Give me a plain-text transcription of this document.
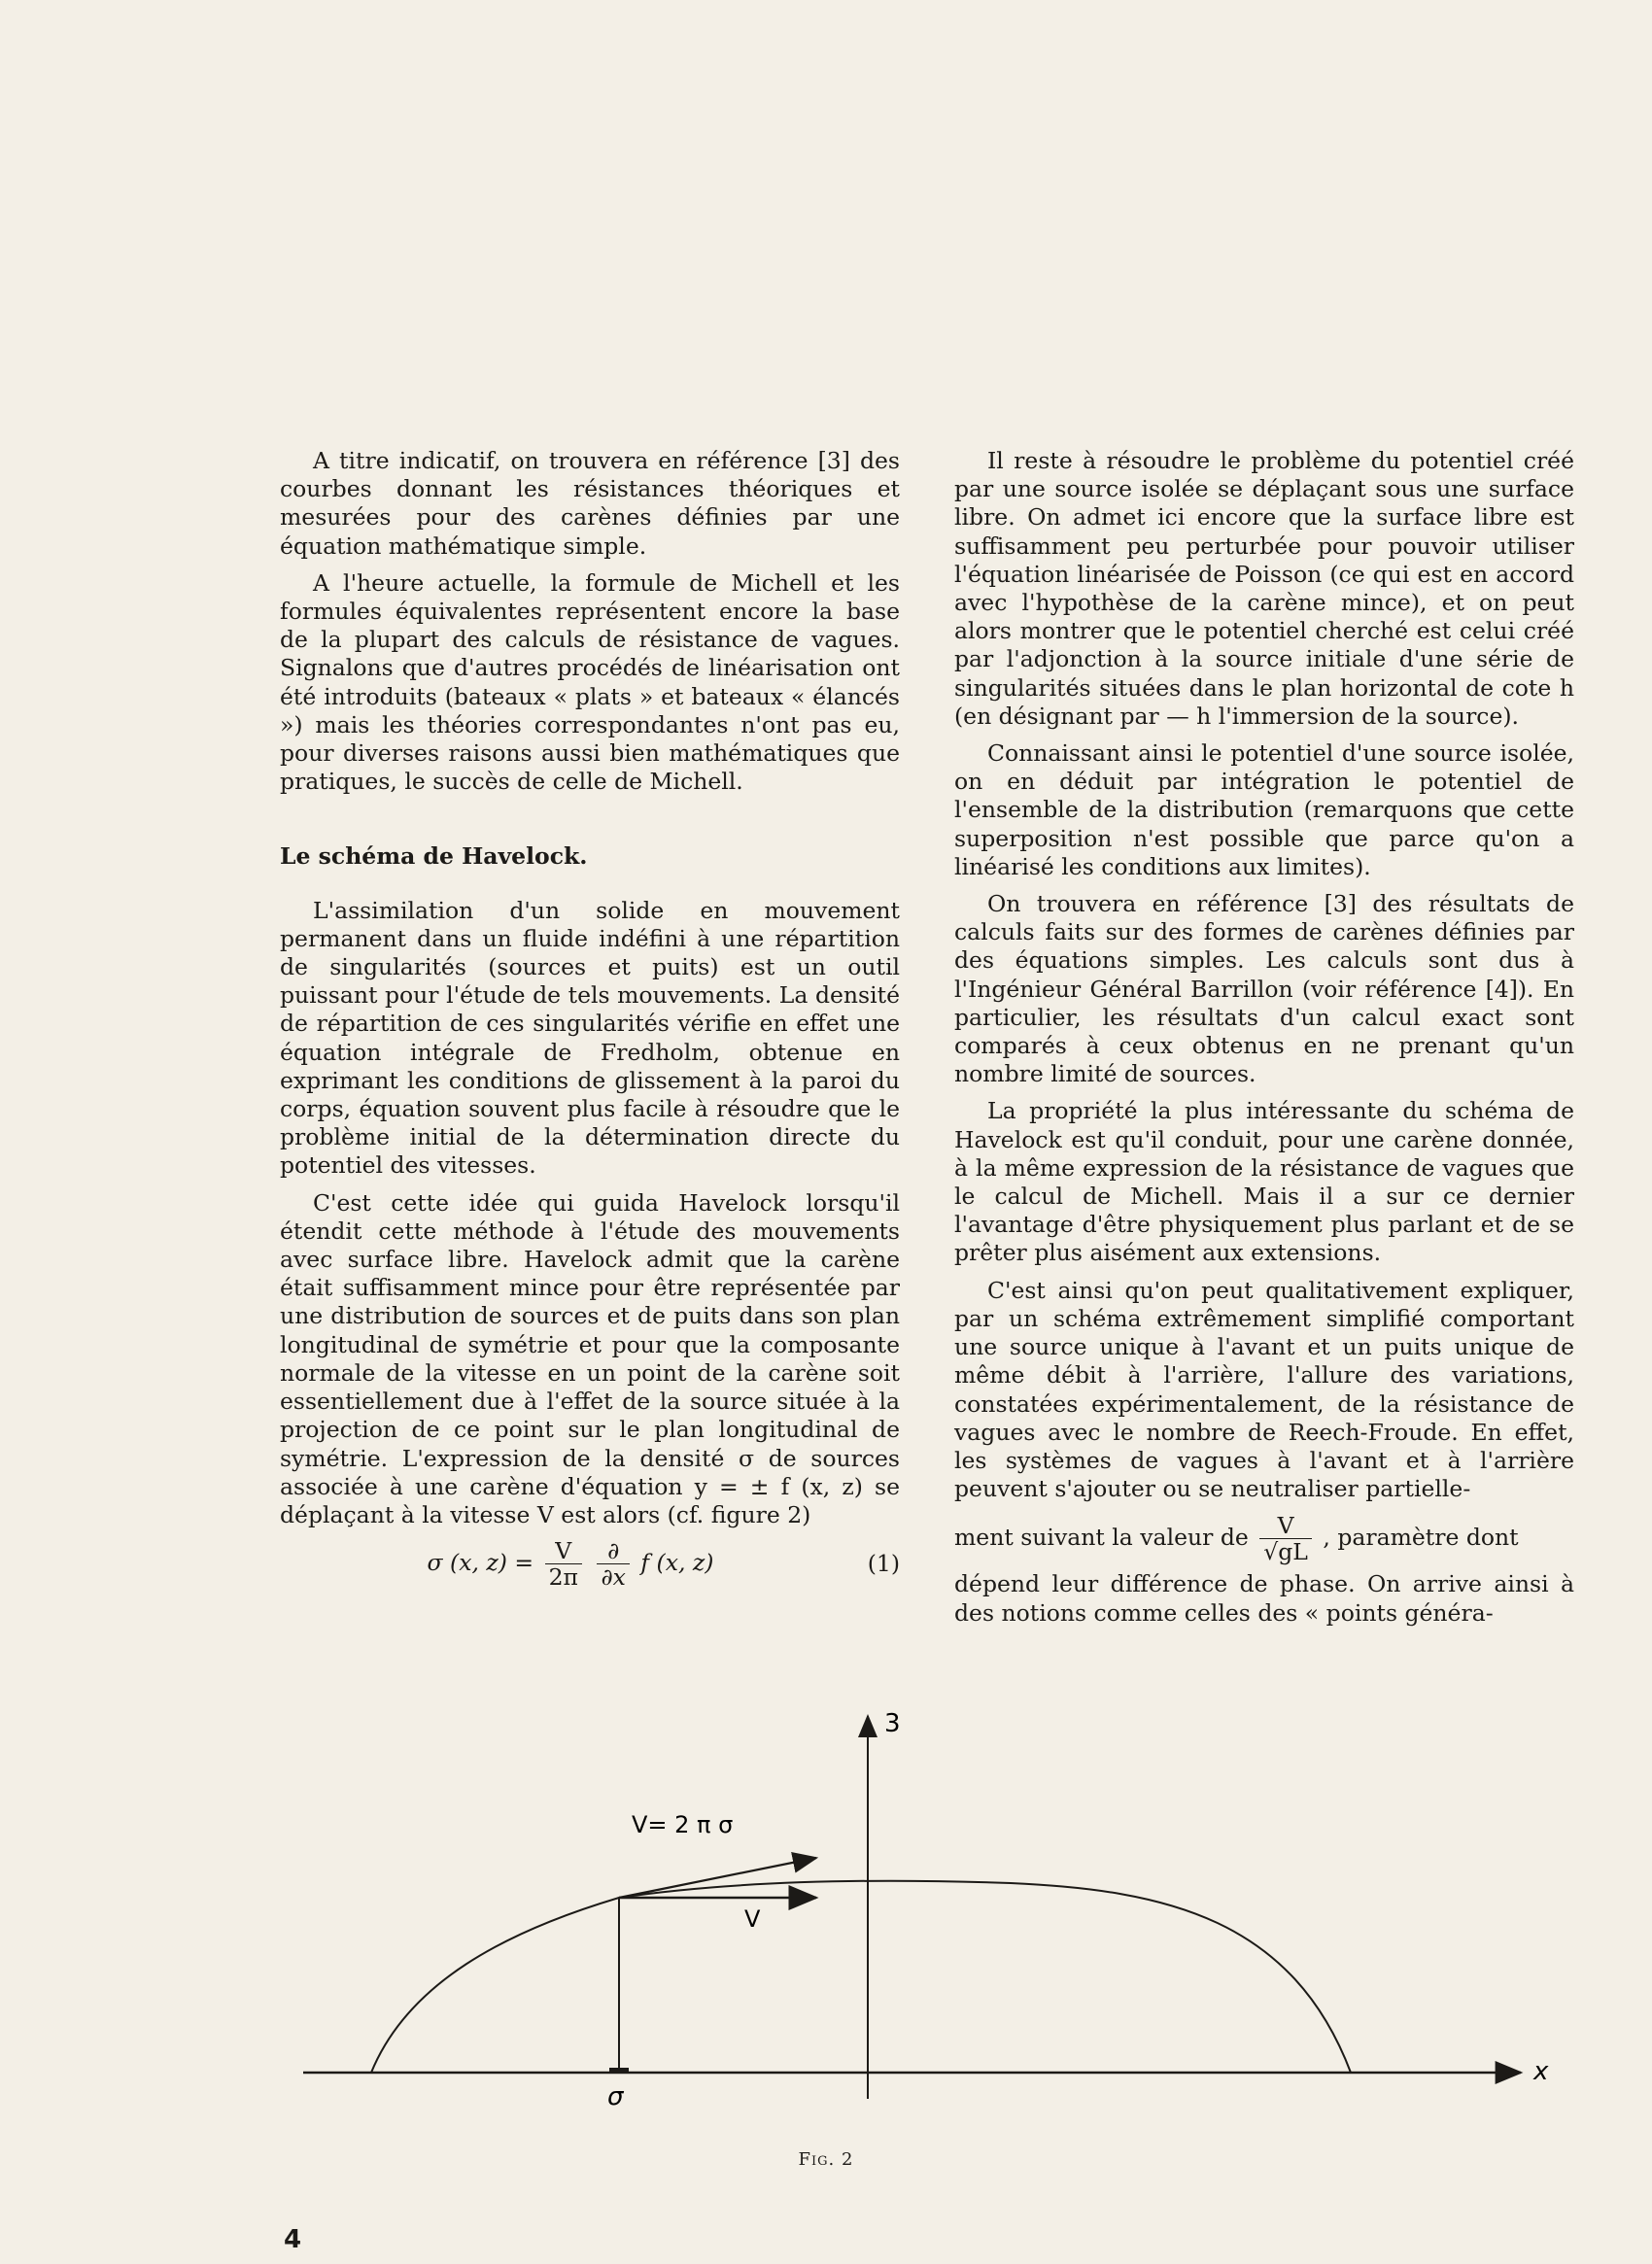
A titre indicatif, on trouvera en référence [3] des courbes donnant les résistances théoriques et mesurées pour des carènes définies par une équation mathématique simple.

A l'heure actuelle, la formule de Michell et les formules équivalentes représentent encore la base de la plupart des calculs de résistance de vagues. Signalons que d'autres procédés de linéarisation ont été introduits (bateaux « plats » et bateaux « élancés ») mais les théories correspondantes n'ont pas eu, pour diverses raisons aussi bien mathématiques que pratiques, le succès de celle de Michell.

Le schéma de Havelock.

L'assimilation d'un solide en mouvement permanent dans un fluide indéfini à une répartition de singularités (sources et puits) est un outil puissant pour l'étude de tels mouvements. La densité de répartition de ces singularités vérifie en effet une équation intégrale de Fredholm, obtenue en exprimant les conditions de glissement à la paroi du corps, équation souvent plus facile à résoudre que le problème initial de la détermination directe du potentiel des vitesses.

C'est cette idée qui guida Havelock lorsqu'il étendit cette méthode à l'étude des mouvements avec surface libre. Havelock admit que la carène était suffisamment mince pour être représentée par une distribution de sources et de puits dans son plan longitudinal de symétrie et pour que la composante normale de la vitesse en un point de la carène soit essentiellement due à l'effet de la source située à la projection de ce point sur le plan longitudinal de symétrie. L'expression de la densité σ de sources associée à une carène d'équation y = ± f (x, z) se déplaçant à la vitesse V est alors (cf. figure 2)

σ (x, $z) = \frac{V}{2\pi}$
$\frac{\partial}{\partial x}$ f (x, z)	(1)

Il reste à résoudre le problème du potentiel créé par une source isolée se déplaçant sous une surface libre. On admet ici encore que la surface libre est suffisamment peu perturbée pour pouvoir utiliser l'équation linéarisée de Poisson (ce qui est en accord avec l'hypothèse de la carène mince), et on peut alors montrer que le potentiel cherché est celui créé par l'adjonction à la source initiale d'une série de singularités situées dans le plan horizontal de cote h (en désignant par — h l'immersion de la source).

Connaissant ainsi le potentiel d'une source isolée, on en déduit par intégration le potentiel de l'ensemble de la distribution (remarquons que cette superposition n'est possible que parce qu'on a linéarisé les conditions aux limites).

On trouvera en référence [3] des résultats de calculs faits sur des formes de carènes définies par des équations simples. Les calculs sont dus à l'Ingénieur Général Barrillon (voir référence [4]). En particulier, les résultats d'un calcul exact sont comparés à ceux obtenus en ne prenant qu'un nombre limité de sources.

La propriété la plus intéressante du schéma de Havelock est qu'il conduit, pour une carène donnée, à la même expression de la résistance de vagues que le calcul de Michell. Mais il a sur ce dernier l'avantage d'être physiquement plus parlant et de se prêter plus aisément aux extensions.

C'est ainsi qu'on peut qualitativement expliquer, par un schéma extrêmement simplifié comportant une source unique à l'avant et un puits unique de même débit à l'arrière, l'allure des variations, constatées expérimentalement, de la résistance de vagues avec le nombre de Reech-Froude. En effet, les systèmes de vagues à l'avant et à l'arrière peuvent s'ajouter ou se neutraliser partielle-

ment suivant la valeur de $\frac{V}{√gL}$ , paramètre dont

dépend leur différence de phase. On arrive ainsi à des notions comme celles des « points généra-

x
3
σ
V= 2 π σ
V
Fig. 2
4
